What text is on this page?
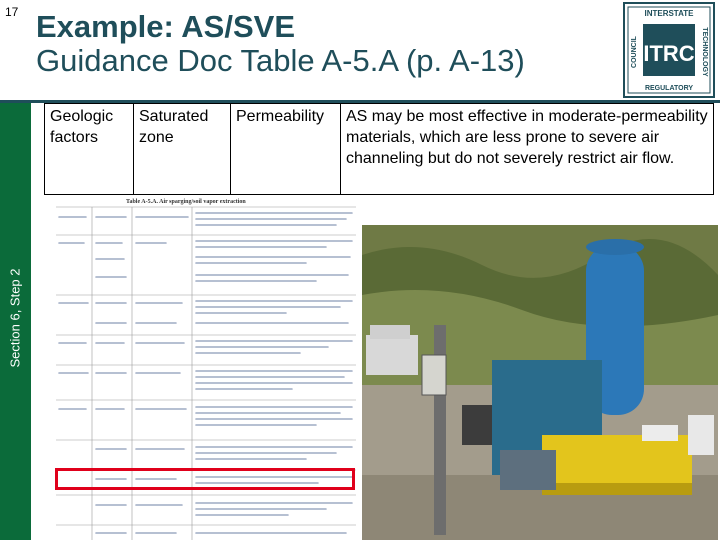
17 Example: AS/SVE
Guidance Doc Table A-5.A (p. A-13)
INTERSTATE
REGULATORY
COUNCIL	TECHNOLOGY
ITRC
Section 6, Step 2
Geologic factors	Saturated zone	Permeability	AS may be most effective in moderate-permeability materials, which are less prone to severe air channeling but do not severely restrict air flow.
Table A-5.A. Air sparging/soil vapor extraction
